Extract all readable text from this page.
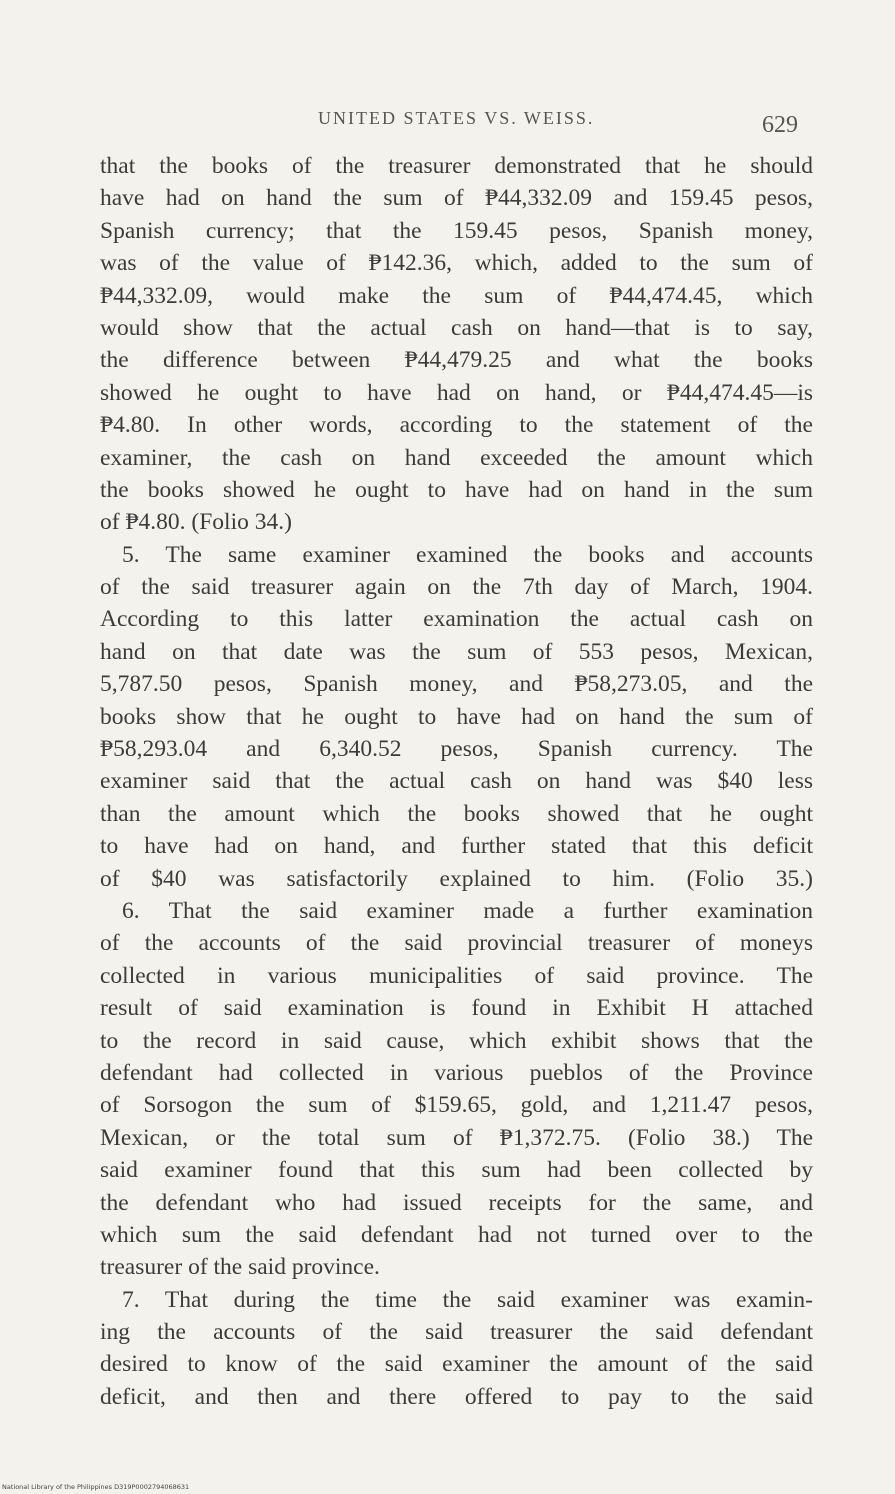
UNITED STATES VS. WEISS.	629
that the books of the treasurer demonstrated that he should
have had on hand the sum of ₱44,332.09 and 159.45 pesos,
Spanish currency; that the 159.45 pesos, Spanish money,
was of the value of ₱142.36, which, added to the sum of
₱44,332.09, would make the sum of ₱44,474.45, which
would show that the actual cash on hand—that is to say,
the difference between ₱44,479.25 and what the books
showed he ought to have had on hand, or ₱44,474.45—is
₱4.80. In other words, according to the statement of the
examiner, the cash on hand exceeded the amount which
the books showed he ought to have had on hand in the sum
of ₱4.80. (Folio 34.)
5. The same examiner examined the books and accounts
of the said treasurer again on the 7th day of March, 1904.
According to this latter examination the actual cash on
hand on that date was the sum of 553 pesos, Mexican,
5,787.50 pesos, Spanish money, and ₱58,273.05, and the
books show that he ought to have had on hand the sum of
₱58,293.04 and 6,340.52 pesos, Spanish currency. The
examiner said that the actual cash on hand was $40 less
than the amount which the books showed that he ought
to have had on hand, and further stated that this deficit
of $40 was satisfactorily explained to him. (Folio 35.)
6. That the said examiner made a further examination
of the accounts of the said provincial treasurer of moneys
collected in various municipalities of said province. The
result of said examination is found in Exhibit H attached
to the record in said cause, which exhibit shows that the
defendant had collected in various pueblos of the Province
of Sorsogon the sum of $159.65, gold, and 1,211.47 pesos,
Mexican, or the total sum of ₱1,372.75. (Folio 38.) The
said examiner found that this sum had been collected by
the defendant who had issued receipts for the same, and
which sum the said defendant had not turned over to the
treasurer of the said province.
7. That during the time the said examiner was examin-
ing the accounts of the said treasurer the said defendant
desired to know of the said examiner the amount of the said
deficit, and then and there offered to pay to the said
National Library of the Philippines D319P0002794068631
